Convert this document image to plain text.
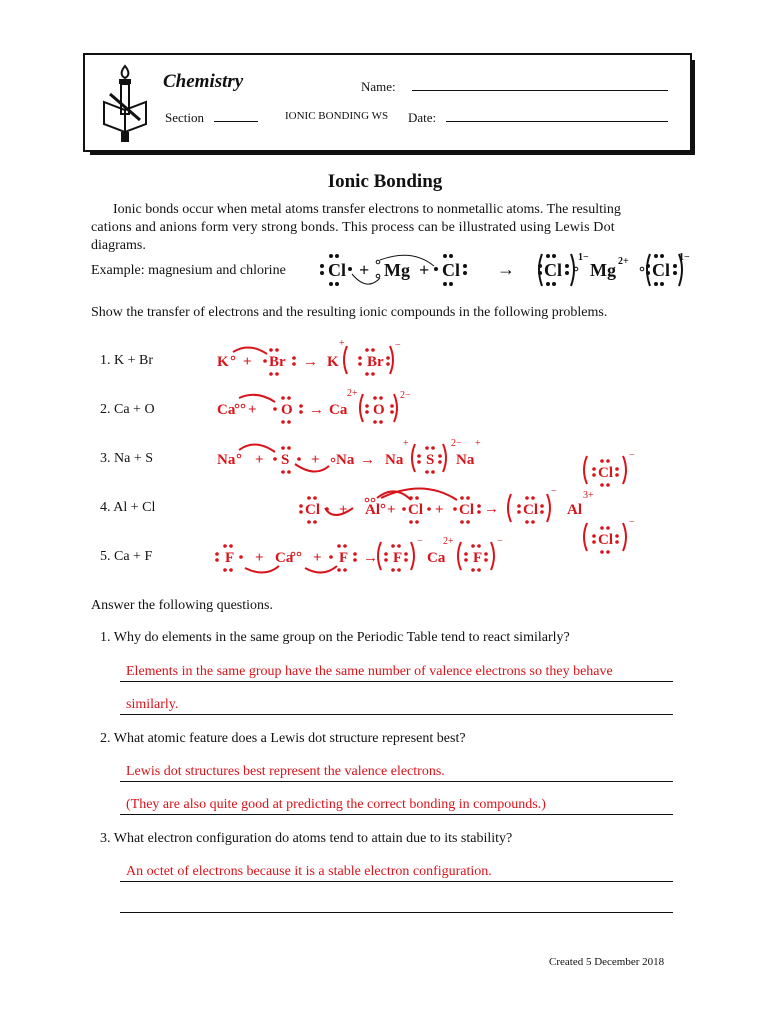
Chemistry	Name:
Section	IONIC BONDING WS Date:
Ionic Bonding
Ionic bonds occur when metal atoms transfer electrons to nonmetallic atoms. The resulting
cations and anions form very strong bonds. This process can be illustrated using Lewis Dot
diagrams.
Example: magnesium and chlorine Cl + Mg + Cl → Cl Mg Cl
1−	2+	1−
Show the transfer of electrons and the resulting ionic compounds in the following problems.
1. K + Br
2. Ca + O
3. Na + S
4. Al + Cl
5. Ca + F
K + Br → K Br
Ca + O → Ca O
Na + S + Na → Na S Na
Cl + Al + Cl + Cl → Cl Al
Cl
Cl
F + Ca + F → F Ca F
+	−
2+	2−
+	2− +
−	3+
−
−
− 2+	−
Answer the following questions.
1. Why do elements in the same group on the Periodic Table tend to react similarly?
Elements in the same group have the same number of valence electrons so they behave
similarly.
2. What atomic feature does a Lewis dot structure represent best?
Lewis dot structures best represent the valence electrons.
(They are also quite good at predicting the correct bonding in compounds.)
3. What electron configuration do atoms tend to attain due to its stability?
An octet of electrons because it is a stable electron configuration.
Created 5 December 2018
